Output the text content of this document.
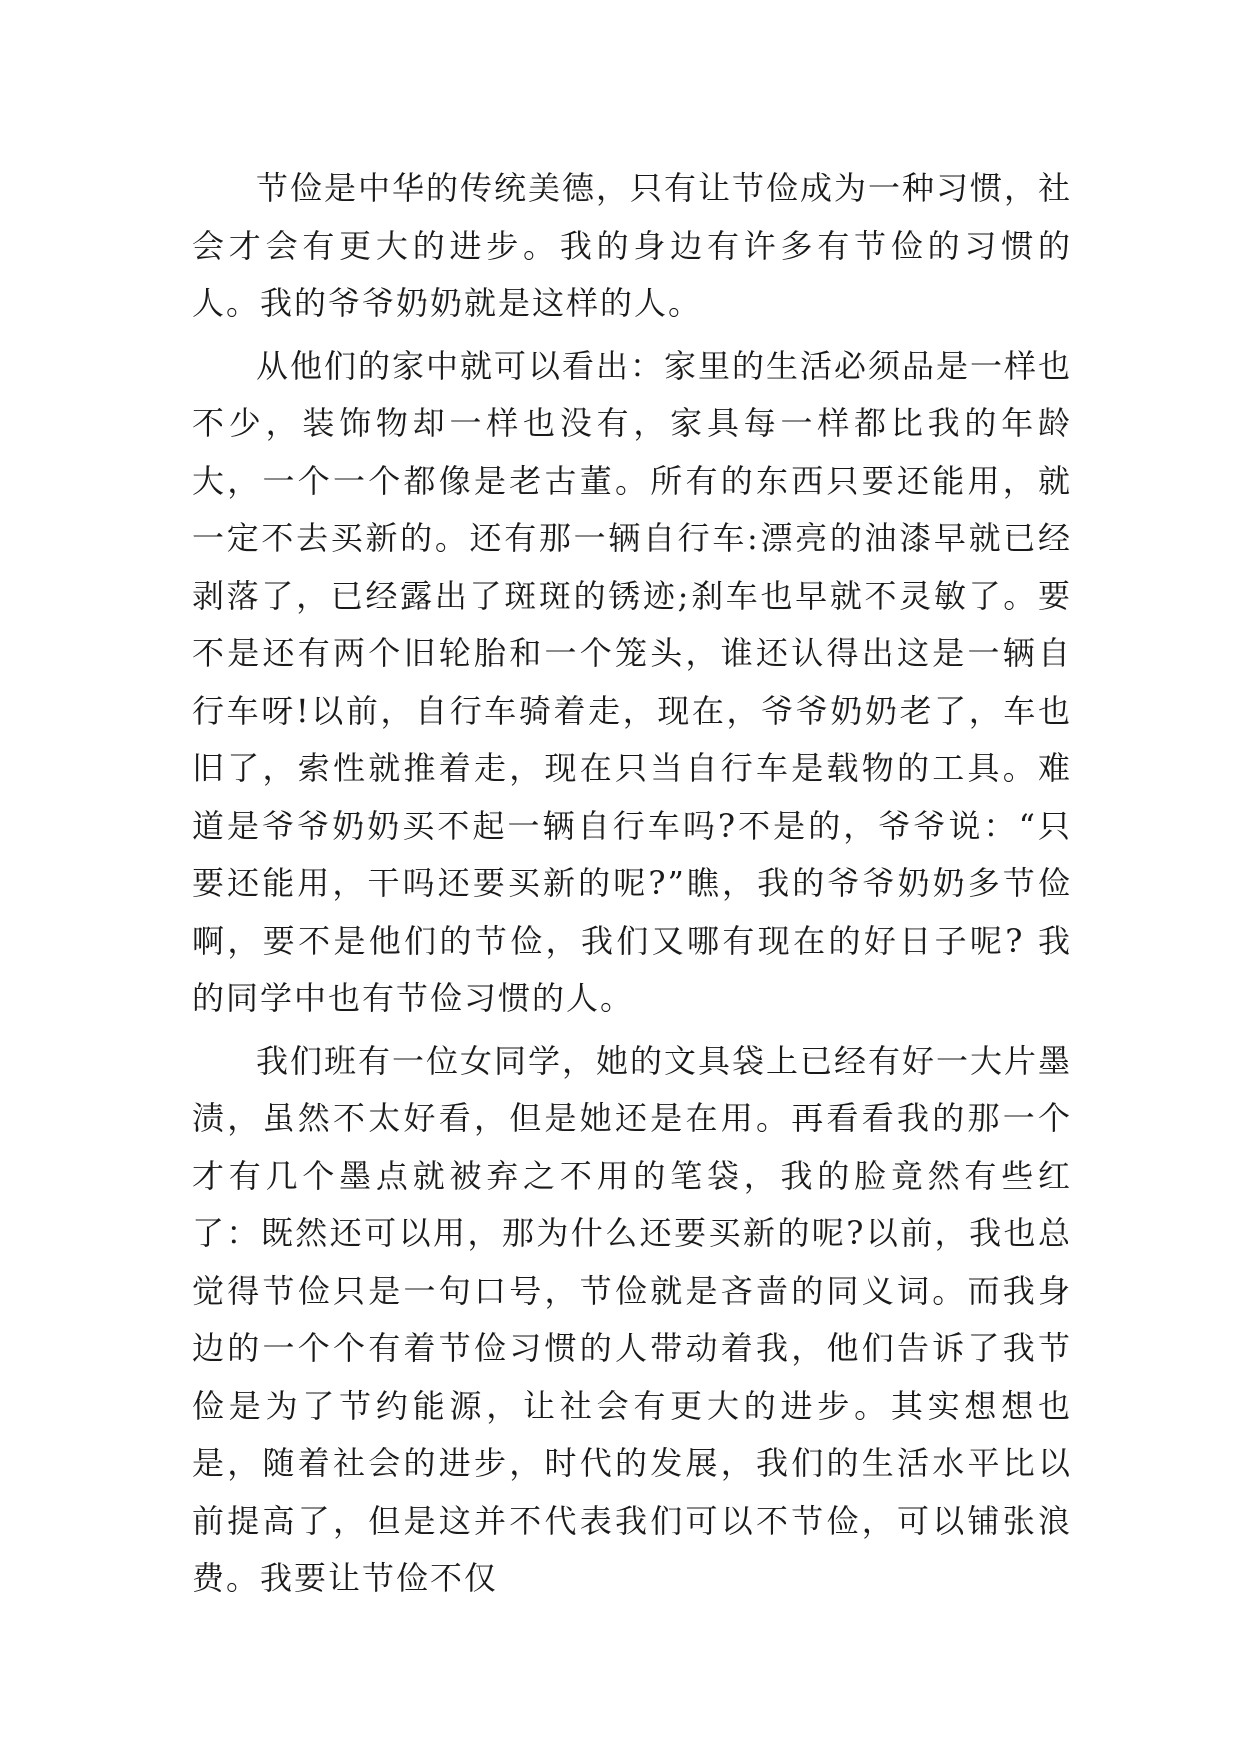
节俭是中华的传统美德，只有让节俭成为一种习惯，社会才会有更大的进步。我的身边有许多有节俭的习惯的人。我的爷爷奶奶就是这样的人。

从他们的家中就可以看出：家里的生活必须品是一样也不少，装饰物却一样也没有，家具每一样都比我的年龄大，一个一个都像是老古董。所有的东西只要还能用，就一定不去买新的。还有那一辆自行车:漂亮的油漆早就已经剥落了，已经露出了斑斑的锈迹;刹车也早就不灵敏了。要不是还有两个旧轮胎和一个笼头，谁还认得出这是一辆自行车呀!以前，自行车骑着走，现在，爷爷奶奶老了，车也旧了，索性就推着走，现在只当自行车是载物的工具。难道是爷爷奶奶买不起一辆自行车吗?不是的，爷爷说：“只要还能用，干吗还要买新的呢?”瞧，我的爷爷奶奶多节俭啊，要不是他们的节俭，我们又哪有现在的好日子呢? 我的同学中也有节俭习惯的人。

我们班有一位女同学，她的文具袋上已经有好一大片墨渍，虽然不太好看，但是她还是在用。再看看我的那一个才有几个墨点就被弃之不用的笔袋，我的脸竟然有些红了：既然还可以用，那为什么还要买新的呢?以前，我也总觉得节俭只是一句口号，节俭就是吝啬的同义词。而我身边的一个个有着节俭习惯的人带动着我，他们告诉了我节俭是为了节约能源，让社会有更大的进步。其实想想也是，随着社会的进步，时代的发展，我们的生活水平比以前提高了，但是这并不代表我们可以不节俭，可以铺张浪费。我要让节俭不仅
